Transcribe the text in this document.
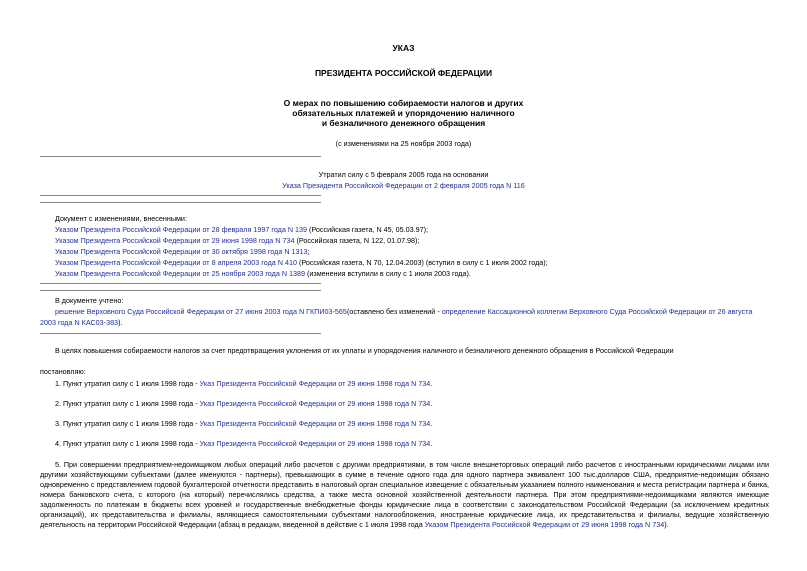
УКАЗ
ПРЕЗИДЕНТА РОССИЙСКОЙ ФЕДЕРАЦИИ
О мерах по повышению собираемости налогов и других
обязательных платежей и упорядочению наличного
и безналичного денежного обращения
(с изменениями на 25 ноября 2003 года)
Утратил силу с 5 февраля 2005 года на основании
Указа Президента Российской Федерации от 2 февраля 2005 года N 116
Документ с изменениями, внесенными:
Указом Президента Российской Федерации от 28 февраля 1997 года N 139 (Российская газета, N 45, 05.03.97);
Указом Президента Российской Федерации от 29 июня 1998 года N 734 (Российская газета, N 122, 01.07.98);
Указом Президента Российской Федерации от 30 октября 1998 года N 1313;
Указом Президента Российской Федерации от 8 апреля 2003 года N 410 (Российская газета, N 70, 12.04.2003) (вступил в силу с 1 июля 2002 года);
Указом Президента Российской Федерации от 25 ноября 2003 года N 1389 (изменения вступили в силу с 1 июля 2003 года).
В документе учтено:
решение Верховного Суда Российской Федерации от 27 июня 2003 года N ГКПИ03-565(оставлено без изменений - определение Кассационной коллегии Верховного Суда Российской Федерации от 26 августа
2003 года N КАС03-383).
В целях повышения собираемости налогов за счет предотвращения уклонения от их уплаты и упорядочения наличного и безналичного денежного обращения в Российской Федерации
постановляю:
1. Пункт утратил силу с 1 июля 1998 года - Указ Президента Российской Федерации от 29 июня 1998 года N 734.
2. Пункт утратил силу с 1 июля 1998 года - Указ Президента Российской Федерации от 29 июня 1998 года N 734.
3. Пункт утратил силу с 1 июля 1998 года - Указ Президента Российской Федерации от 29 июня 1998 года N 734.
4. Пункт утратил силу с 1 июля 1998 года - Указ Президента Российской Федерации от 29 июня 1998 года N 734.
5. При совершении предприятием-недоимщиком любых операций либо расчетов с другими предприятиями, в том числе внешнеторговых операций либо расчетов с иностранными юридическими лицами или другими хозяйствующими субъектами (далее именуются - партнеры), превышающих в сумме в течение одного года для одного партнера эквивалент 100 тыс.долларов США, предприятие-недоимщик обязано одновременно с представлением годовой бухгалтерской отчетности представить в налоговый орган специальное извещение с обязательным указанием полного наименования и места регистрации партнера и банка, номера банковского счета, с которого (на который) перечислялись средства, а также места основной хозяйственной деятельности партнера. При этом предприятиями-недоимщиками являются имеющие задолженность по платежам в бюджеты всех уровней и государственные внебюджетные фонды юридические лица в соответствии с законодательством Российской Федерации (за исключением кредитных организаций), их представительства и филиалы, являющиеся самостоятельными субъектами налогообложения, иностранные юридические лица, их представительства и филиалы, ведущие хозяйственную деятельность на территории Российской Федерации (абзац в редакции, введенной в действие с 1 июля 1998 года Указом Президента Российской Федерации от 29 июня 1998 года N 734).
